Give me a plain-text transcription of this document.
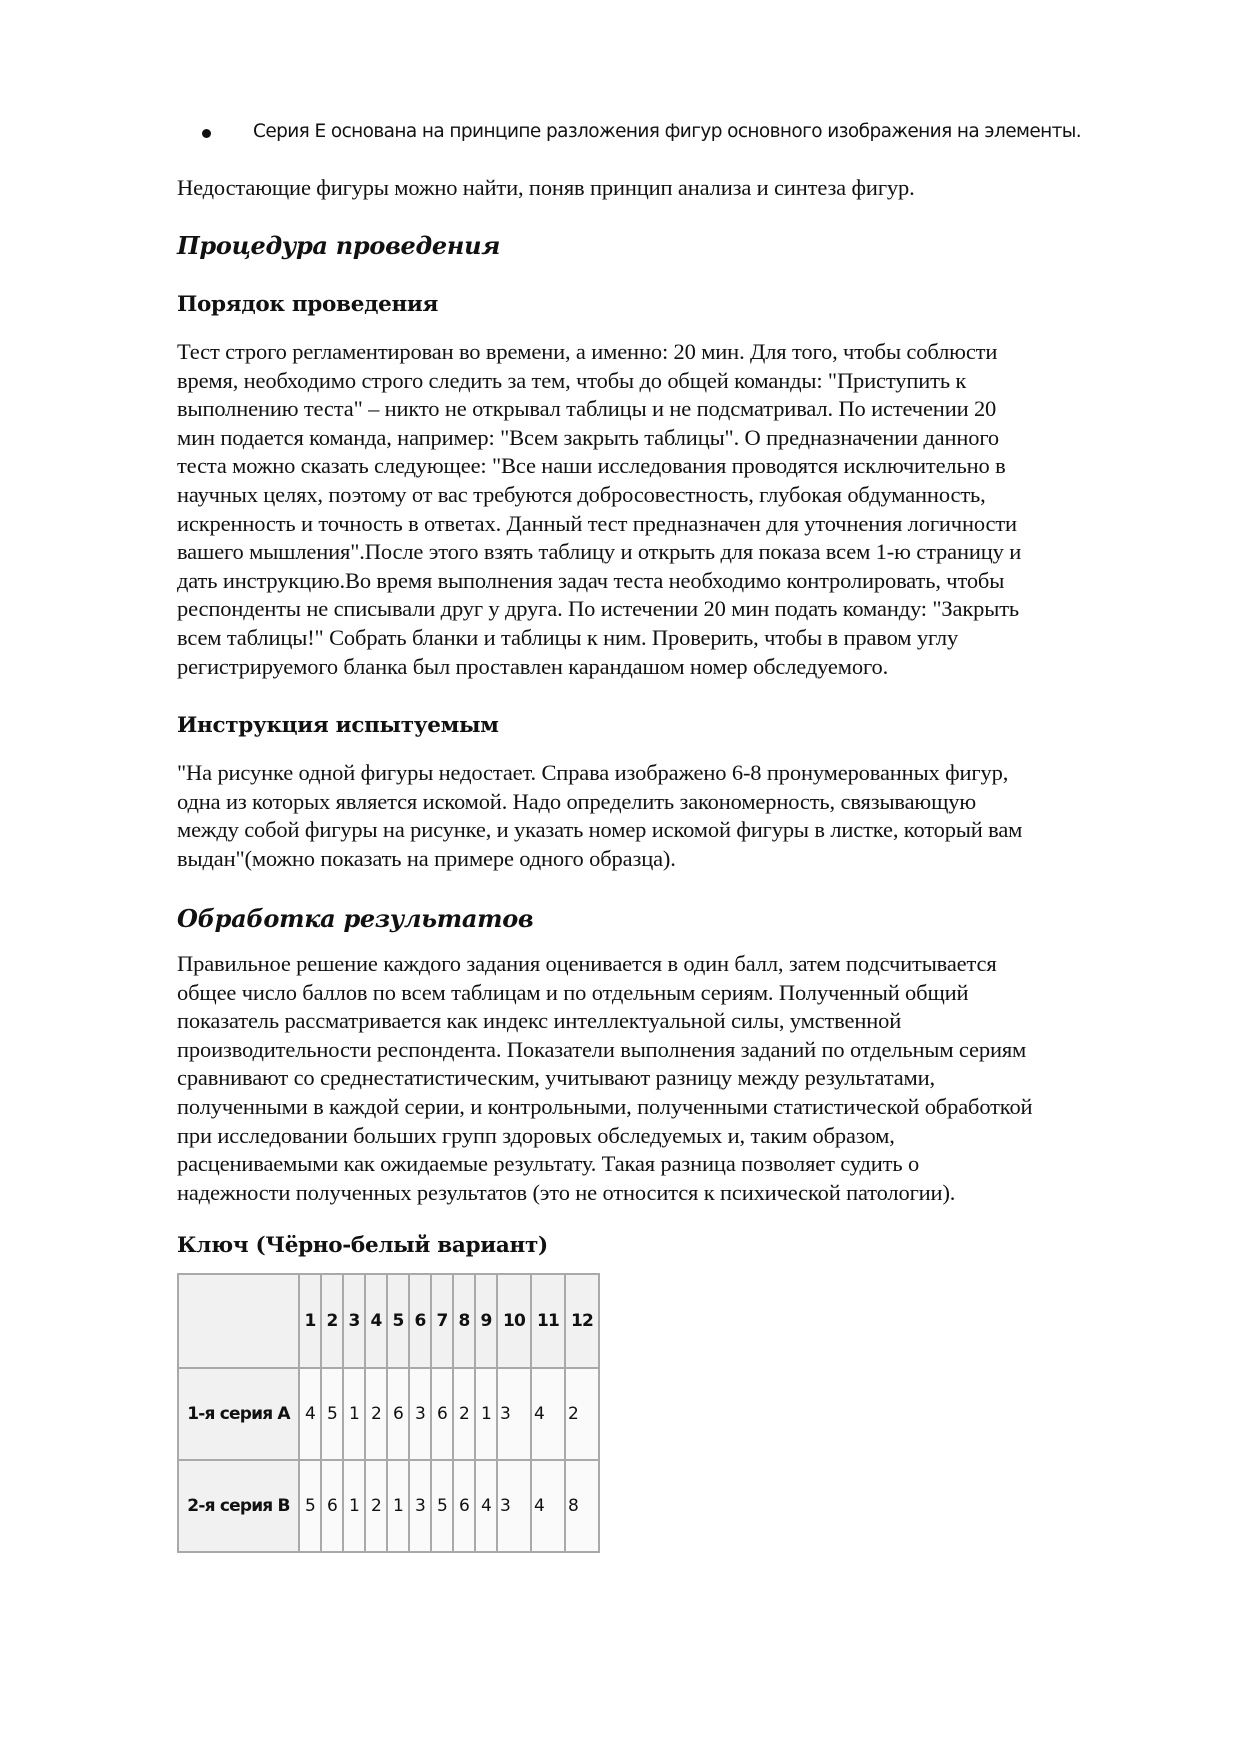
Серия E основана на принципе разложения фигур основного изображения на элементы.
Недостающие фигуры можно найти, поняв принцип анализа и синтеза фигур.
Процедура проведения
Порядок проведения
Тест строго регламентирован во времени, а именно: 20 мин. Для того, чтобы соблюсти
время, необходимо строго следить за тем, чтобы до общей команды: "Приступить к
выполнению теста" – никто не открывал таблицы и не подсматривал. По истечении 20
мин подается команда, например: "Всем закрыть таблицы". О предназначении данного
теста можно сказать следующее: "Все наши исследования проводятся исключительно в
научных целях, поэтому от вас требуются добросовестность, глубокая обдуманность,
искренность и точность в ответах. Данный тест предназначен для уточнения логичности
вашего мышления".После этого взять таблицу и открыть для показа всем 1-ю страницу и
дать инструкцию.Во время выполнения задач теста необходимо контролировать, чтобы
респонденты не списывали друг у друга. По истечении 20 мин подать команду: "Закрыть
всем таблицы!" Собрать бланки и таблицы к ним. Проверить, чтобы в правом углу
регистрируемого бланка был проставлен карандашом номер обследуемого.
Инструкция испытуемым
"На рисунке одной фигуры недостает. Справа изображено 6-8 пронумерованных фигур,
одна из которых является искомой. Надо определить закономерность, связывающую
между собой фигуры на рисунке, и указать номер искомой фигуры в листке, который вам
выдан"(можно показать на примере одного образца).
Обработка результатов
Правильное решение каждого задания оценивается в один балл, затем подсчитывается
общее число баллов по всем таблицам и по отдельным сериям. Полученный общий
показатель рассматривается как индекс интеллектуальной силы, умственной
производительности респондента. Показатели выполнения заданий по отдельным сериям
сравнивают со среднестатистическим, учитывают разницу между результатами,
полученными в каждой серии, и контрольными, полученными статистической обработкой
при исследовании больших групп здоровых обследуемых и, таким образом,
расцениваемыми как ожидаемые результату. Такая разница позволяет судить о
надежности полученных результатов (это не относится к психической патологии).
Ключ (Чёрно-белый вариант)
	1	2	3	4	5	6	7	8	9	10	11	12
1-я серия A	4	5	1	2	6	3	6	2	1	3	4	2
2-я серия B	5	6	1	2	1	3	5	6	4	3	4	8
